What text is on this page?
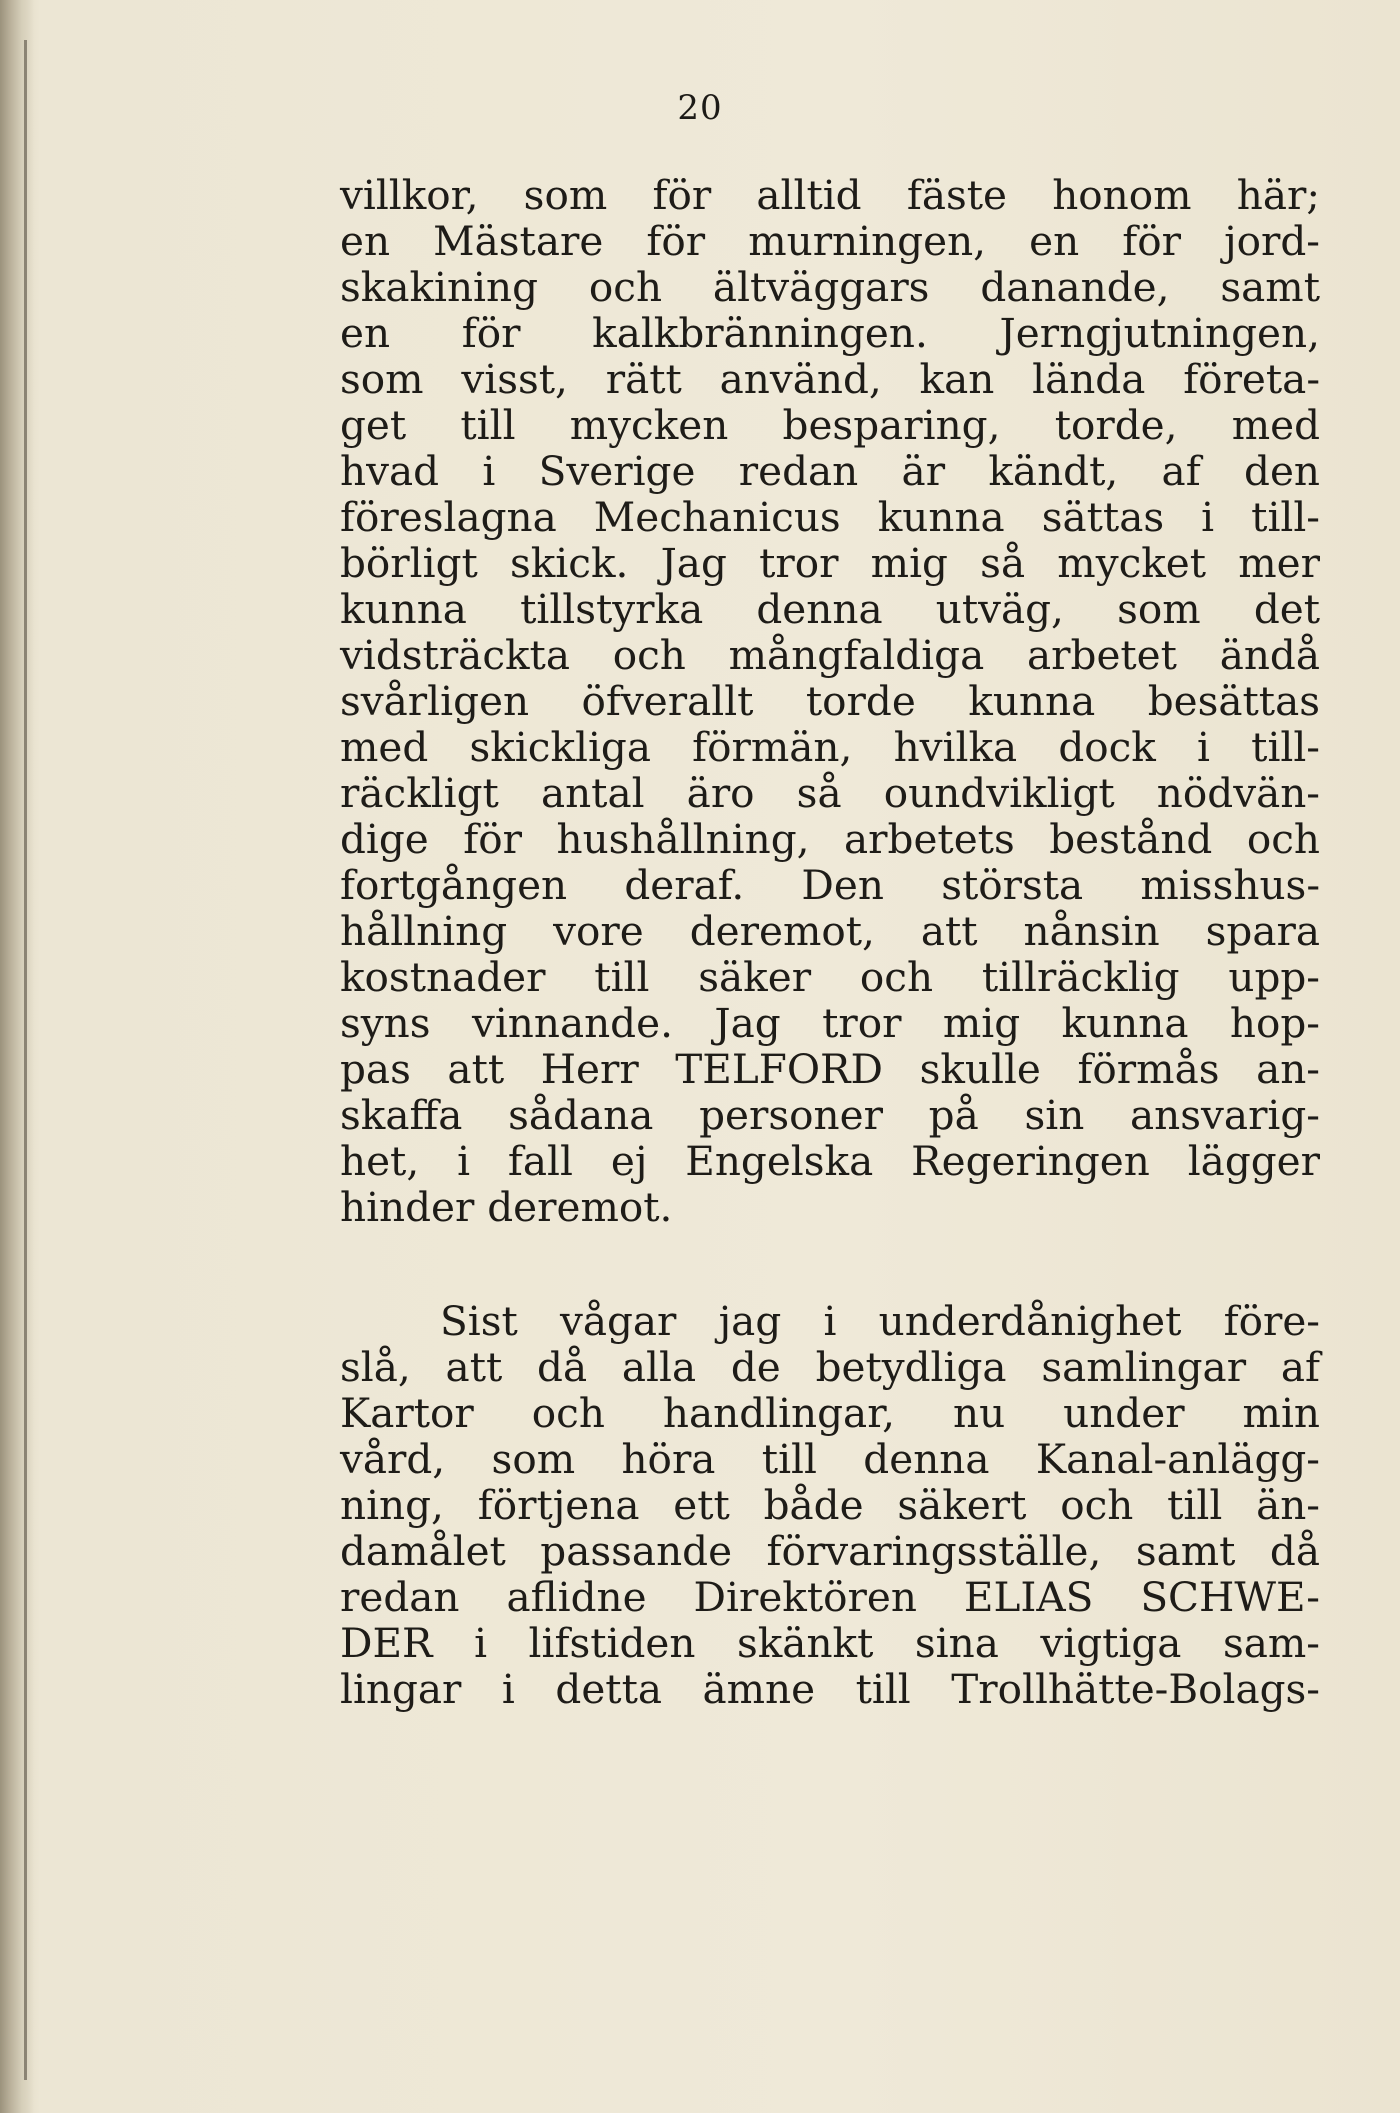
20
villkor, som för alltid fäste honom här;
en Mästare för murningen, en för jord-
skakining och ältväggars danande, samt
en för kalkbränningen. Jerngjutningen,
som visst, rätt använd, kan lända företa-
get till mycken besparing, torde, med
hvad i Sverige redan är kändt, af den
föreslagna Mechanicus kunna sättas i till-
börligt skick. Jag tror mig så mycket mer
kunna tillstyrka denna utväg, som det
vidsträckta och mångfaldiga arbetet ändå
svårligen öfverallt torde kunna besättas
med skickliga förmän, hvilka dock i till-
räckligt antal äro så oundvikligt nödvän-
dige för hushållning, arbetets bestånd och
fortgången deraf. Den största misshus-
hållning vore deremot, att nånsin spara
kostnader till säker och tillräcklig upp-
syns vinnande. Jag tror mig kunna hop-
pas att Herr TELFORD skulle förmås an-
skaffa sådana personer på sin ansvarig-
het, i fall ej Engelska Regeringen lägger
hinder deremot.
Sist vågar jag i underdånighet före-
slå, att då alla de betydliga samlingar af
Kartor och handlingar, nu under min
vård, som höra till denna Kanal-anlägg-
ning, förtjena ett både säkert och till än-
damålet passande förvaringsställe, samt då
redan aflidne Direktören ELIAS SCHWE-
DER i lifstiden skänkt sina vigtiga sam-
lingar i detta ämne till Trollhätte-Bolags-
